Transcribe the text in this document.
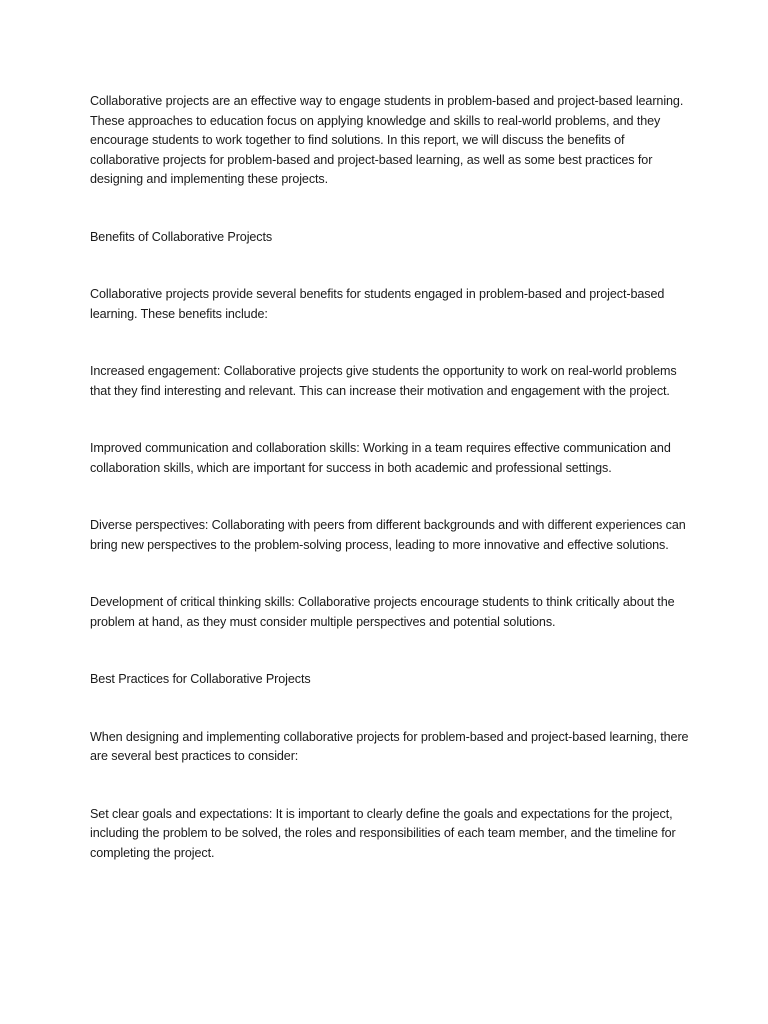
Collaborative projects are an effective way to engage students in problem-based and project-based learning. These approaches to education focus on applying knowledge and skills to real-world problems, and they encourage students to work together to find solutions. In this report, we will discuss the benefits of collaborative projects for problem-based and project-based learning, as well as some best practices for designing and implementing these projects.

Benefits of Collaborative Projects

Collaborative projects provide several benefits for students engaged in problem-based and project-based learning. These benefits include:

Increased engagement: Collaborative projects give students the opportunity to work on real-world problems that they find interesting and relevant. This can increase their motivation and engagement with the project.

Improved communication and collaboration skills: Working in a team requires effective communication and collaboration skills, which are important for success in both academic and professional settings.

Diverse perspectives: Collaborating with peers from different backgrounds and with different experiences can bring new perspectives to the problem-solving process, leading to more innovative and effective solutions.

Development of critical thinking skills: Collaborative projects encourage students to think critically about the problem at hand, as they must consider multiple perspectives and potential solutions.

Best Practices for Collaborative Projects

When designing and implementing collaborative projects for problem-based and project-based learning, there are several best practices to consider:

Set clear goals and expectations: It is important to clearly define the goals and expectations for the project, including the problem to be solved, the roles and responsibilities of each team member, and the timeline for completing the project.
